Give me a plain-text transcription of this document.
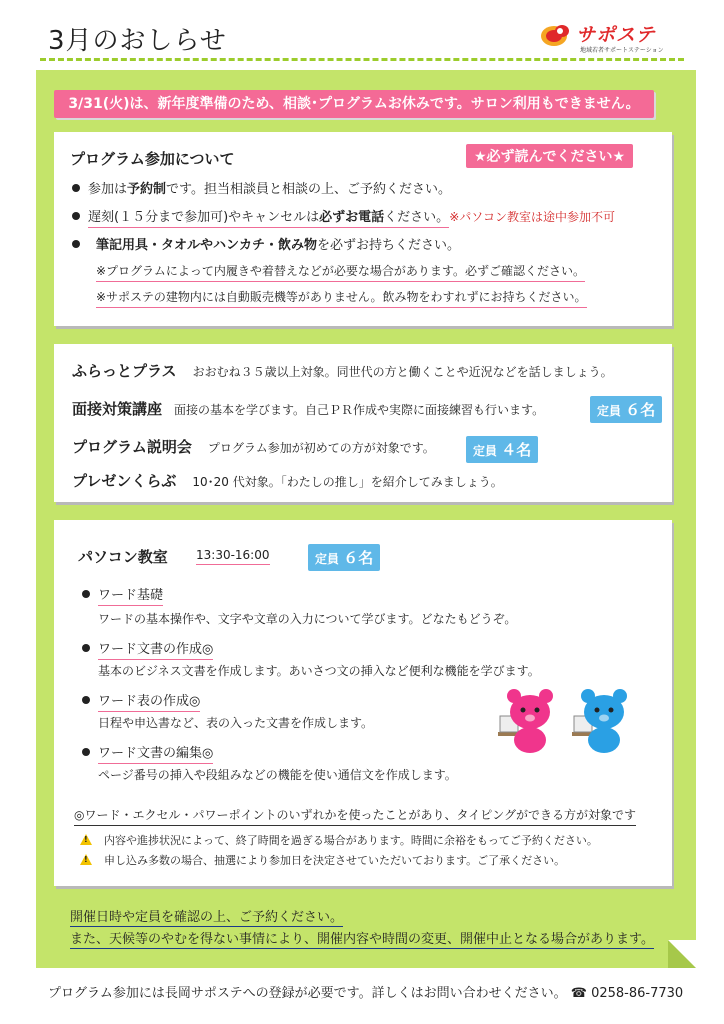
3月のおしらせ	サポステ
地域若者サポートステーション
3/31(火)は、新年度準備のため、相談･プログラムお休みです。サロン利用もできません。
プログラム参加について	★必ず読んでください★
参加は予約制です。担当相談員と相談の上、ご予約ください。
遅刻(１５分まで参加可)やキャンセルは必ずお電話ください。※パソコン教室は途中参加不可
筆記用具・タオルやハンカチ・飲み物を必ずお持ちください。
※プログラムによって内履きや着替えなどが必要な場合があります。必ずご確認ください。
※サポステの建物内には自動販売機等がありません。飲み物をわすれずにお持ちください。
ふらっとプラス おおむね３５歳以上対象。同世代の方と働くことや近況などを話しましょう。
面接対策講座 面接の基本を学びます。自己ＰＲ作成や実際に面接練習も行います。	定員 ６名
プログラム説明会 プログラム参加が初めての方が対象です。	定員 ４名
プレゼンくらぶ 10･20 代対象。「わたしの推し」を紹介してみましょう。
パソコン教室 13:30-16:00	定員 ６名
ワード基礎
ワードの基本操作や、文字や文章の入力について学びます。どなたもどうぞ。
ワード文書の作成◎
基本のビジネス文書を作成します。あいさつ文の挿入など便利な機能を学びます。
ワード表の作成◎
日程や申込書など、表の入った文書を作成します。
ワード文書の編集◎
ページ番号の挿入や段組みなどの機能を使い通信文を作成します。
◎ワード・エクセル・パワーポイントのいずれかを使ったことがあり、タイピングができる方が対象です
!
内容や進捗状況によって、終了時間を過ぎる場合があります。時間に余裕をもってご予約ください。
!
申し込み多数の場合、抽選により参加日を決定させていただいております。ご了承ください。
開催日時や定員を確認の上、ご予約ください。
また、天候等のやむを得ない事情により、開催内容や時間の変更、開催中止となる場合があります。
プログラム参加には長岡サポステへの登録が必要です。詳しくはお問い合わせください。 ☎ 0258-86-7730
